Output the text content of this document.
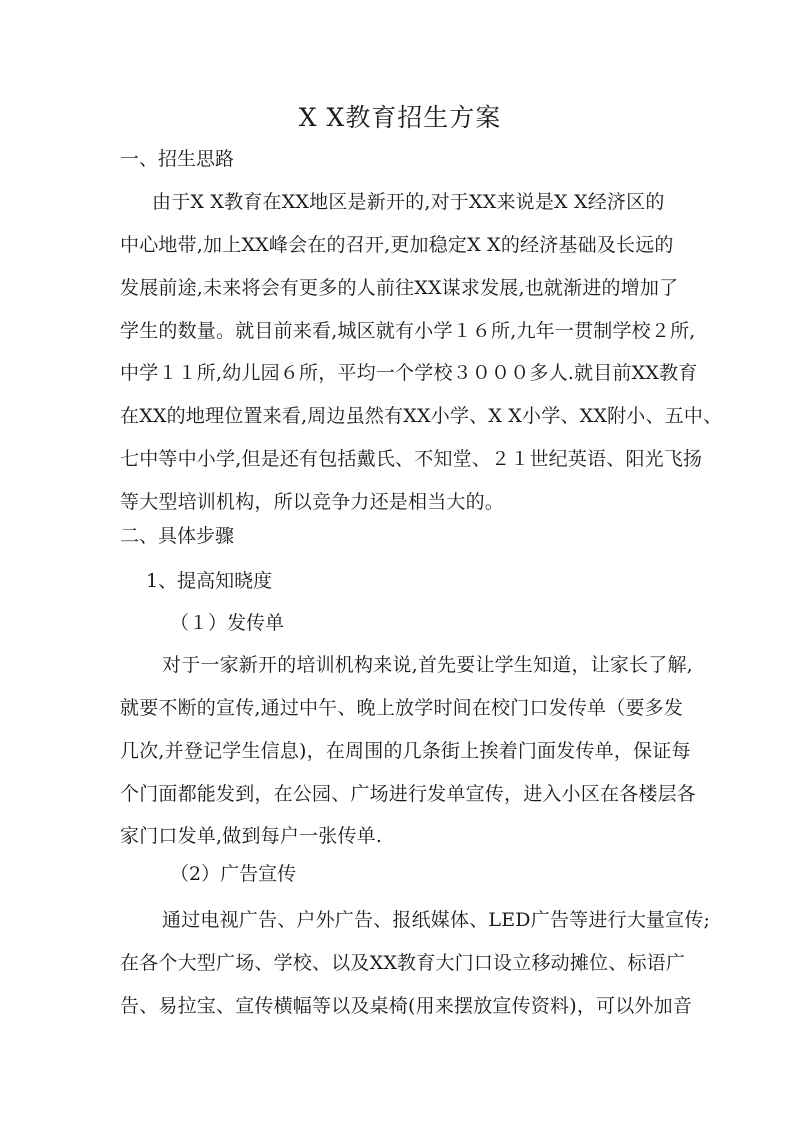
X X教育招生方案
一、招生思路
由于X X教育在XX地区是新开的,对于XX来说是X X经济区的
中心地带,加上XX峰会在的召开,更加稳定X X的经济基础及长远的
发展前途,未来将会有更多的人前往XX谋求发展,也就渐进的增加了
学生的数量。就目前来看,城区就有小学１６所,九年一贯制学校２所,
中学１１所,幼儿园６所，平均一个学校３０００多人.就目前XX教育
在XX的地理位置来看,周边虽然有XX小学、X X小学、XX附小、五中、
七中等中小学,但是还有包括戴氏、不知堂、２１世纪英语、阳光飞扬
等大型培训机构，所以竞争力还是相当大的。
二、具体步骤
1、提高知晓度
（１）发传单
对于一家新开的培训机构来说,首先要让学生知道，让家长了解,
就要不断的宣传,通过中午、晚上放学时间在校门口发传单（要多发
几次,并登记学生信息)，在周围的几条街上挨着门面发传单，保证每
个门面都能发到，在公园、广场进行发单宣传，进入小区在各楼层各
家门口发单,做到每户一张传单.
（2）广告宣传
通过电视广告、户外广告、报纸媒体、LED广告等进行大量宣传;
在各个大型广场、学校、以及XX教育大门口设立移动摊位、标语广
告、易拉宝、宣传横幅等以及桌椅(用来摆放宣传资料)，可以外加音
